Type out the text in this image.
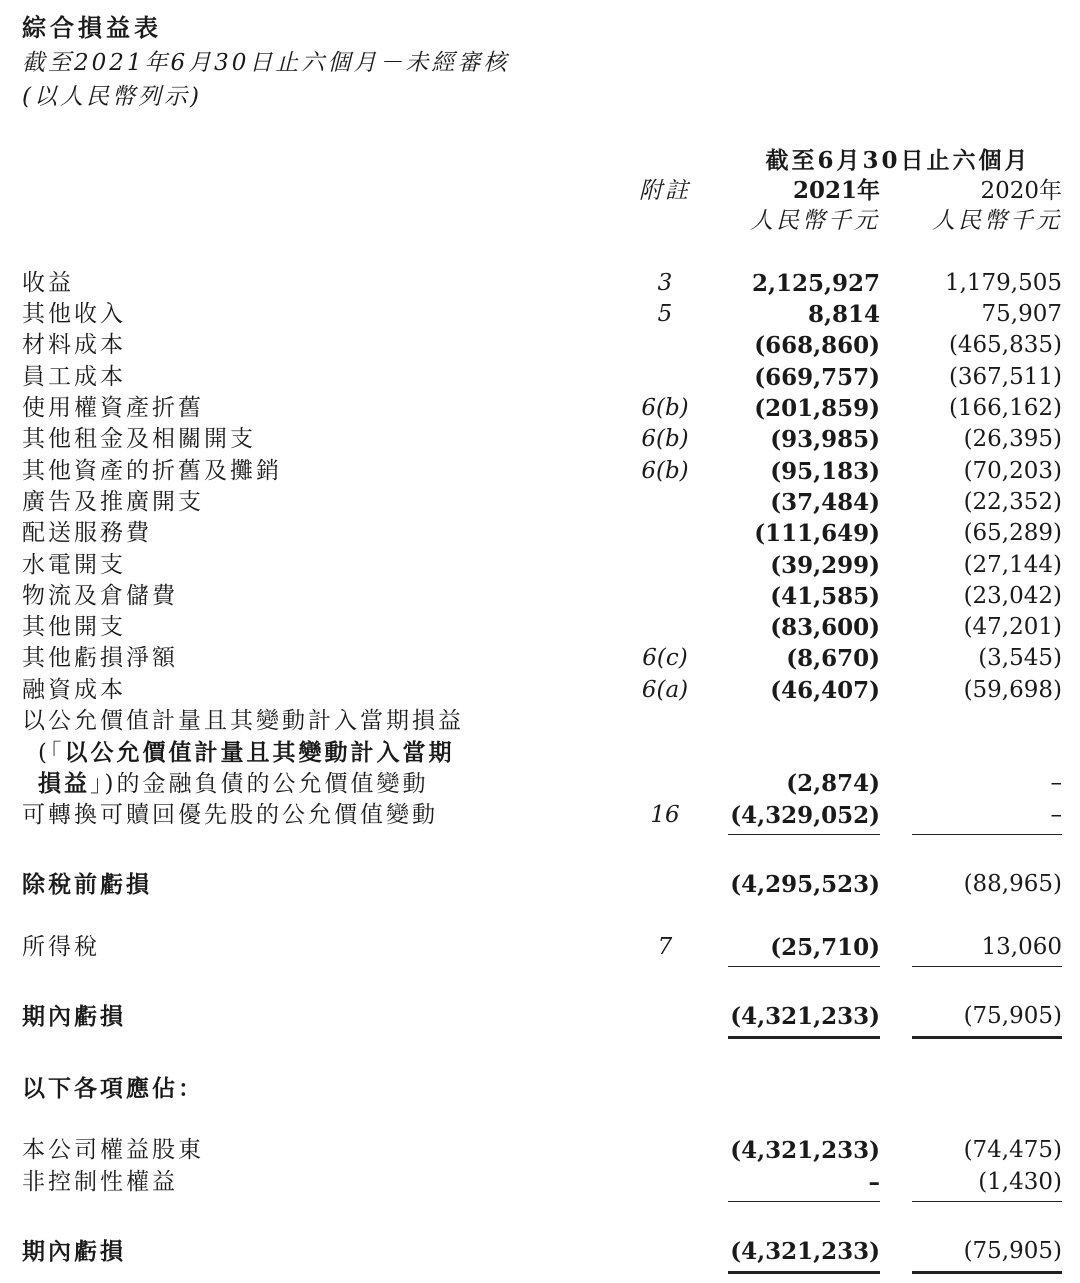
綜合損益表
截至2021年6月30日止六個月－未經審核
(以人民幣列示)
截至6月30日止六個月
附註	2021年	2020年
人民幣千元	人民幣千元
收益	3	2,125,927	1,179,505
其他收入	5	8,814	75,907
材料成本	(668,860)	(465,835)
員工成本	(669,757)	(367,511)
使用權資產折舊	6(b)	(201,859)	(166,162)
其他租金及相關開支	6(b)	(93,985)	(26,395)
其他資產的折舊及攤銷	6(b)	(95,183)	(70,203)
廣告及推廣開支	(37,484)	(22,352)
配送服務費	(111,649)	(65,289)
水電開支	(39,299)	(27,144)
物流及倉儲費	(41,585)	(23,042)
其他開支	(83,600)	(47,201)
其他虧損淨額	6(c)	(8,670)	(3,545)
融資成本	6(a)	(46,407)	(59,698)
以公允價值計量且其變動計入當期損益
(「以公允價值計量且其變動計入當期
損益」)的金融負債的公允價值變動	(2,874)	–
可轉換可贖回優先股的公允價值變動	16	(4,329,052)	–
除稅前虧損	(4,295,523)	(88,965)
所得稅	7	(25,710)	13,060
期內虧損	(4,321,233)	(75,905)
以下各項應佔：
本公司權益股東	(4,321,233)	(74,475)
非控制性權益	–	(1,430)
期內虧損	(4,321,233)	(75,905)
